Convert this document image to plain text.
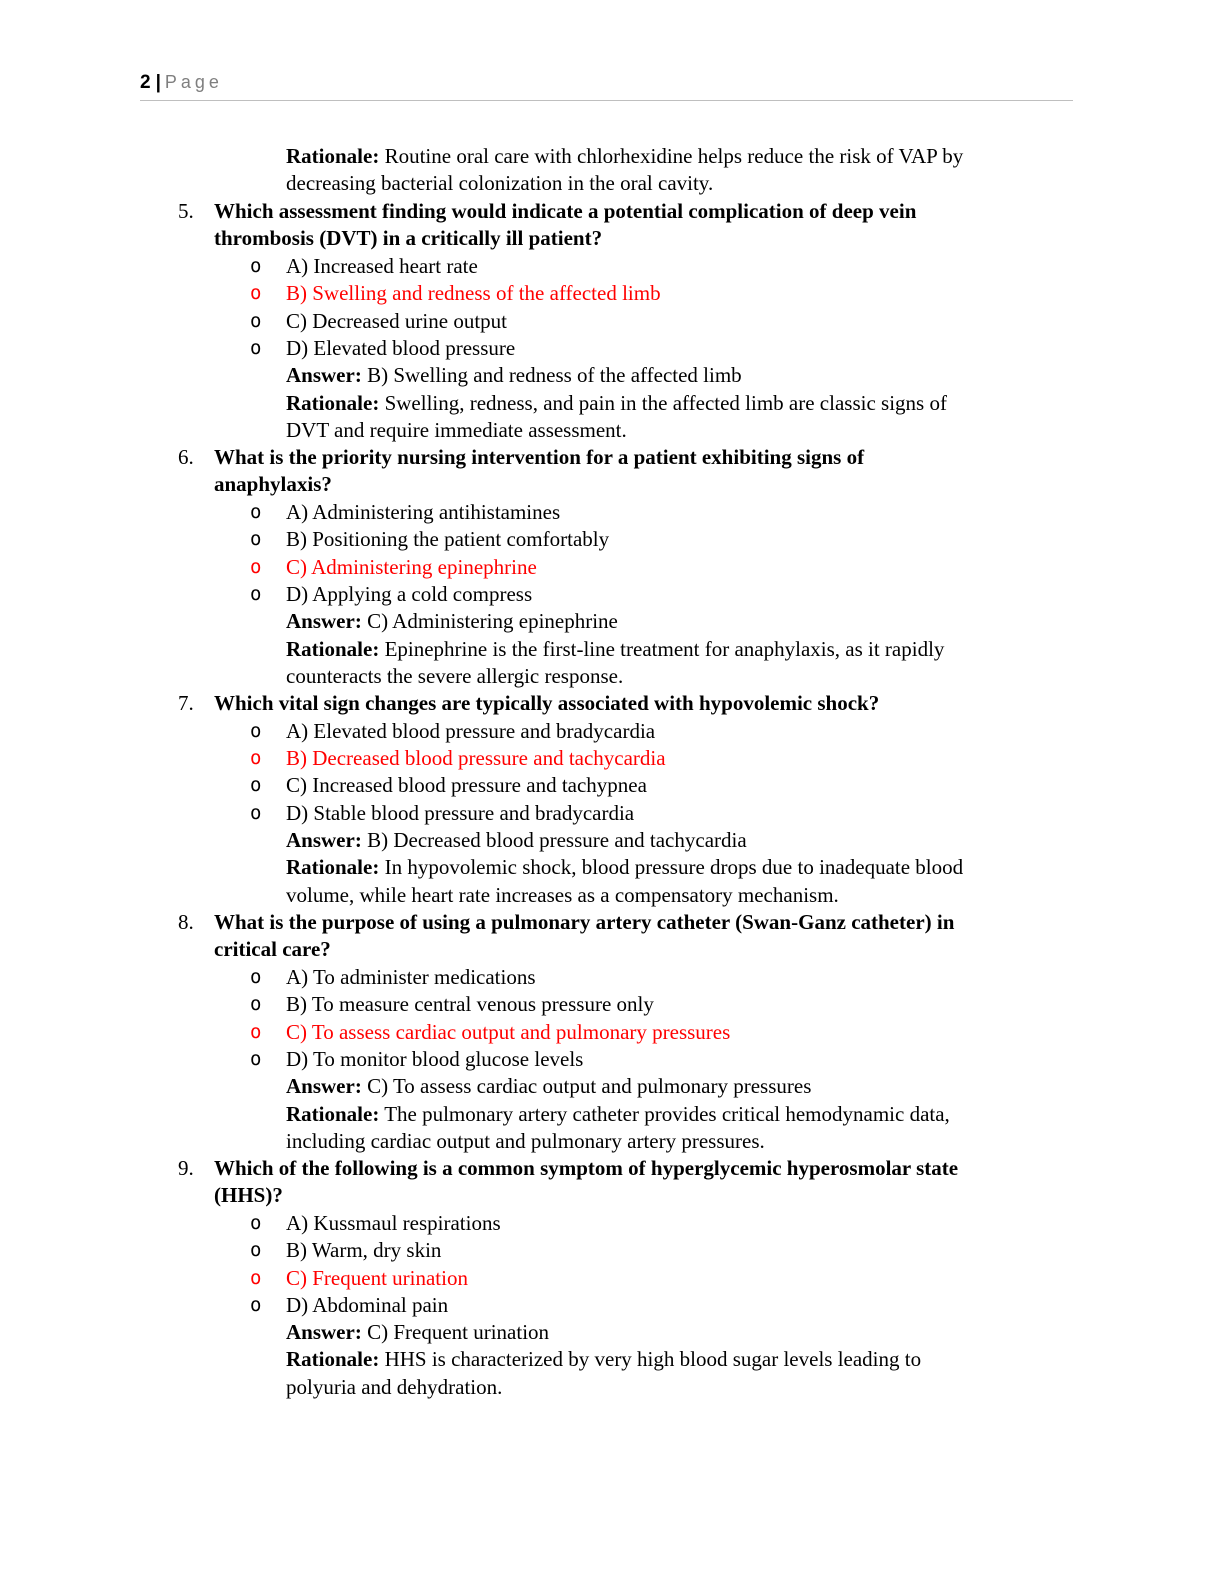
2 | Page
Rationale: Routine oral care with chlorhexidine helps reduce the risk of VAP by
decreasing bacterial colonization in the oral cavity.
5. Which assessment finding would indicate a potential complication of deep vein
thrombosis (DVT) in a critically ill patient?
o A) Increased heart rate
o B) Swelling and redness of the affected limb
o C) Decreased urine output
o D) Elevated blood pressure
Answer: B) Swelling and redness of the affected limb
Rationale: Swelling, redness, and pain in the affected limb are classic signs of
DVT and require immediate assessment.
6. What is the priority nursing intervention for a patient exhibiting signs of
anaphylaxis?
o A) Administering antihistamines
o B) Positioning the patient comfortably
o C) Administering epinephrine
o D) Applying a cold compress
Answer: C) Administering epinephrine
Rationale: Epinephrine is the first-line treatment for anaphylaxis, as it rapidly
counteracts the severe allergic response.
7. Which vital sign changes are typically associated with hypovolemic shock?
o A) Elevated blood pressure and bradycardia
o B) Decreased blood pressure and tachycardia
o C) Increased blood pressure and tachypnea
o D) Stable blood pressure and bradycardia
Answer: B) Decreased blood pressure and tachycardia
Rationale: In hypovolemic shock, blood pressure drops due to inadequate blood
volume, while heart rate increases as a compensatory mechanism.
8. What is the purpose of using a pulmonary artery catheter (Swan-Ganz catheter) in
critical care?
o A) To administer medications
o B) To measure central venous pressure only
o C) To assess cardiac output and pulmonary pressures
o D) To monitor blood glucose levels
Answer: C) To assess cardiac output and pulmonary pressures
Rationale: The pulmonary artery catheter provides critical hemodynamic data,
including cardiac output and pulmonary artery pressures.
9. Which of the following is a common symptom of hyperglycemic hyperosmolar state
(HHS)?
o A) Kussmaul respirations
o B) Warm, dry skin
o C) Frequent urination
o D) Abdominal pain
Answer: C) Frequent urination
Rationale: HHS is characterized by very high blood sugar levels leading to
polyuria and dehydration.
